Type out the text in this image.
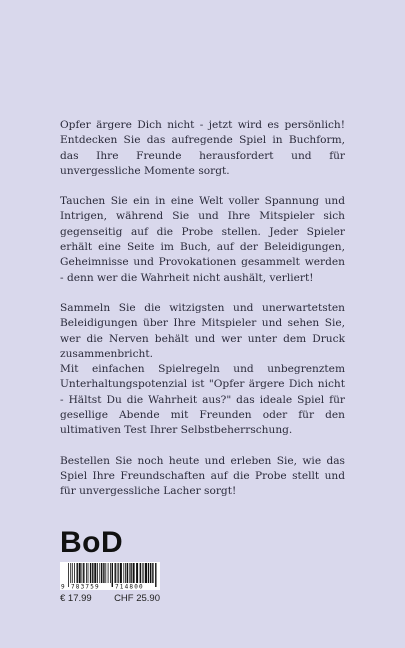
Opfer ärgere Dich nicht - jetzt wird es persönlich! Entdecken Sie das aufregende Spiel in Buchform, das Ihre Freunde herausfordert und für unvergessliche Momente sorgt.

Tauchen Sie ein in eine Welt voller Spannung und Intrigen, während Sie und Ihre Mitspieler sich gegenseitig auf die Probe stellen. Jeder Spieler erhält eine Seite im Buch, auf der Beleidigungen, Geheimnisse und Provokationen gesammelt werden - denn wer die Wahrheit nicht aushält, verliert!

Sammeln Sie die witzigsten und unerwartetsten Beleidigungen über Ihre Mitspieler und sehen Sie, wer die Nerven behält und wer unter dem Druck zusammenbricht.

Mit einfachen Spielregeln und unbegrenztem Unterhaltungspotenzial ist "Opfer ärgere Dich nicht - Hältst Du die Wahrheit aus?" das ideale Spiel für gesellige Abende mit Freunden oder für den ultimativen Test Ihrer Selbstbeherrschung.

Bestellen Sie noch heute und erleben Sie, wie das Spiel Ihre Freundschaften auf die Probe stellt und für unvergessliche Lacher sorgt!

BoD
9 783759	714800
€ 17.99 CHF 25.90
